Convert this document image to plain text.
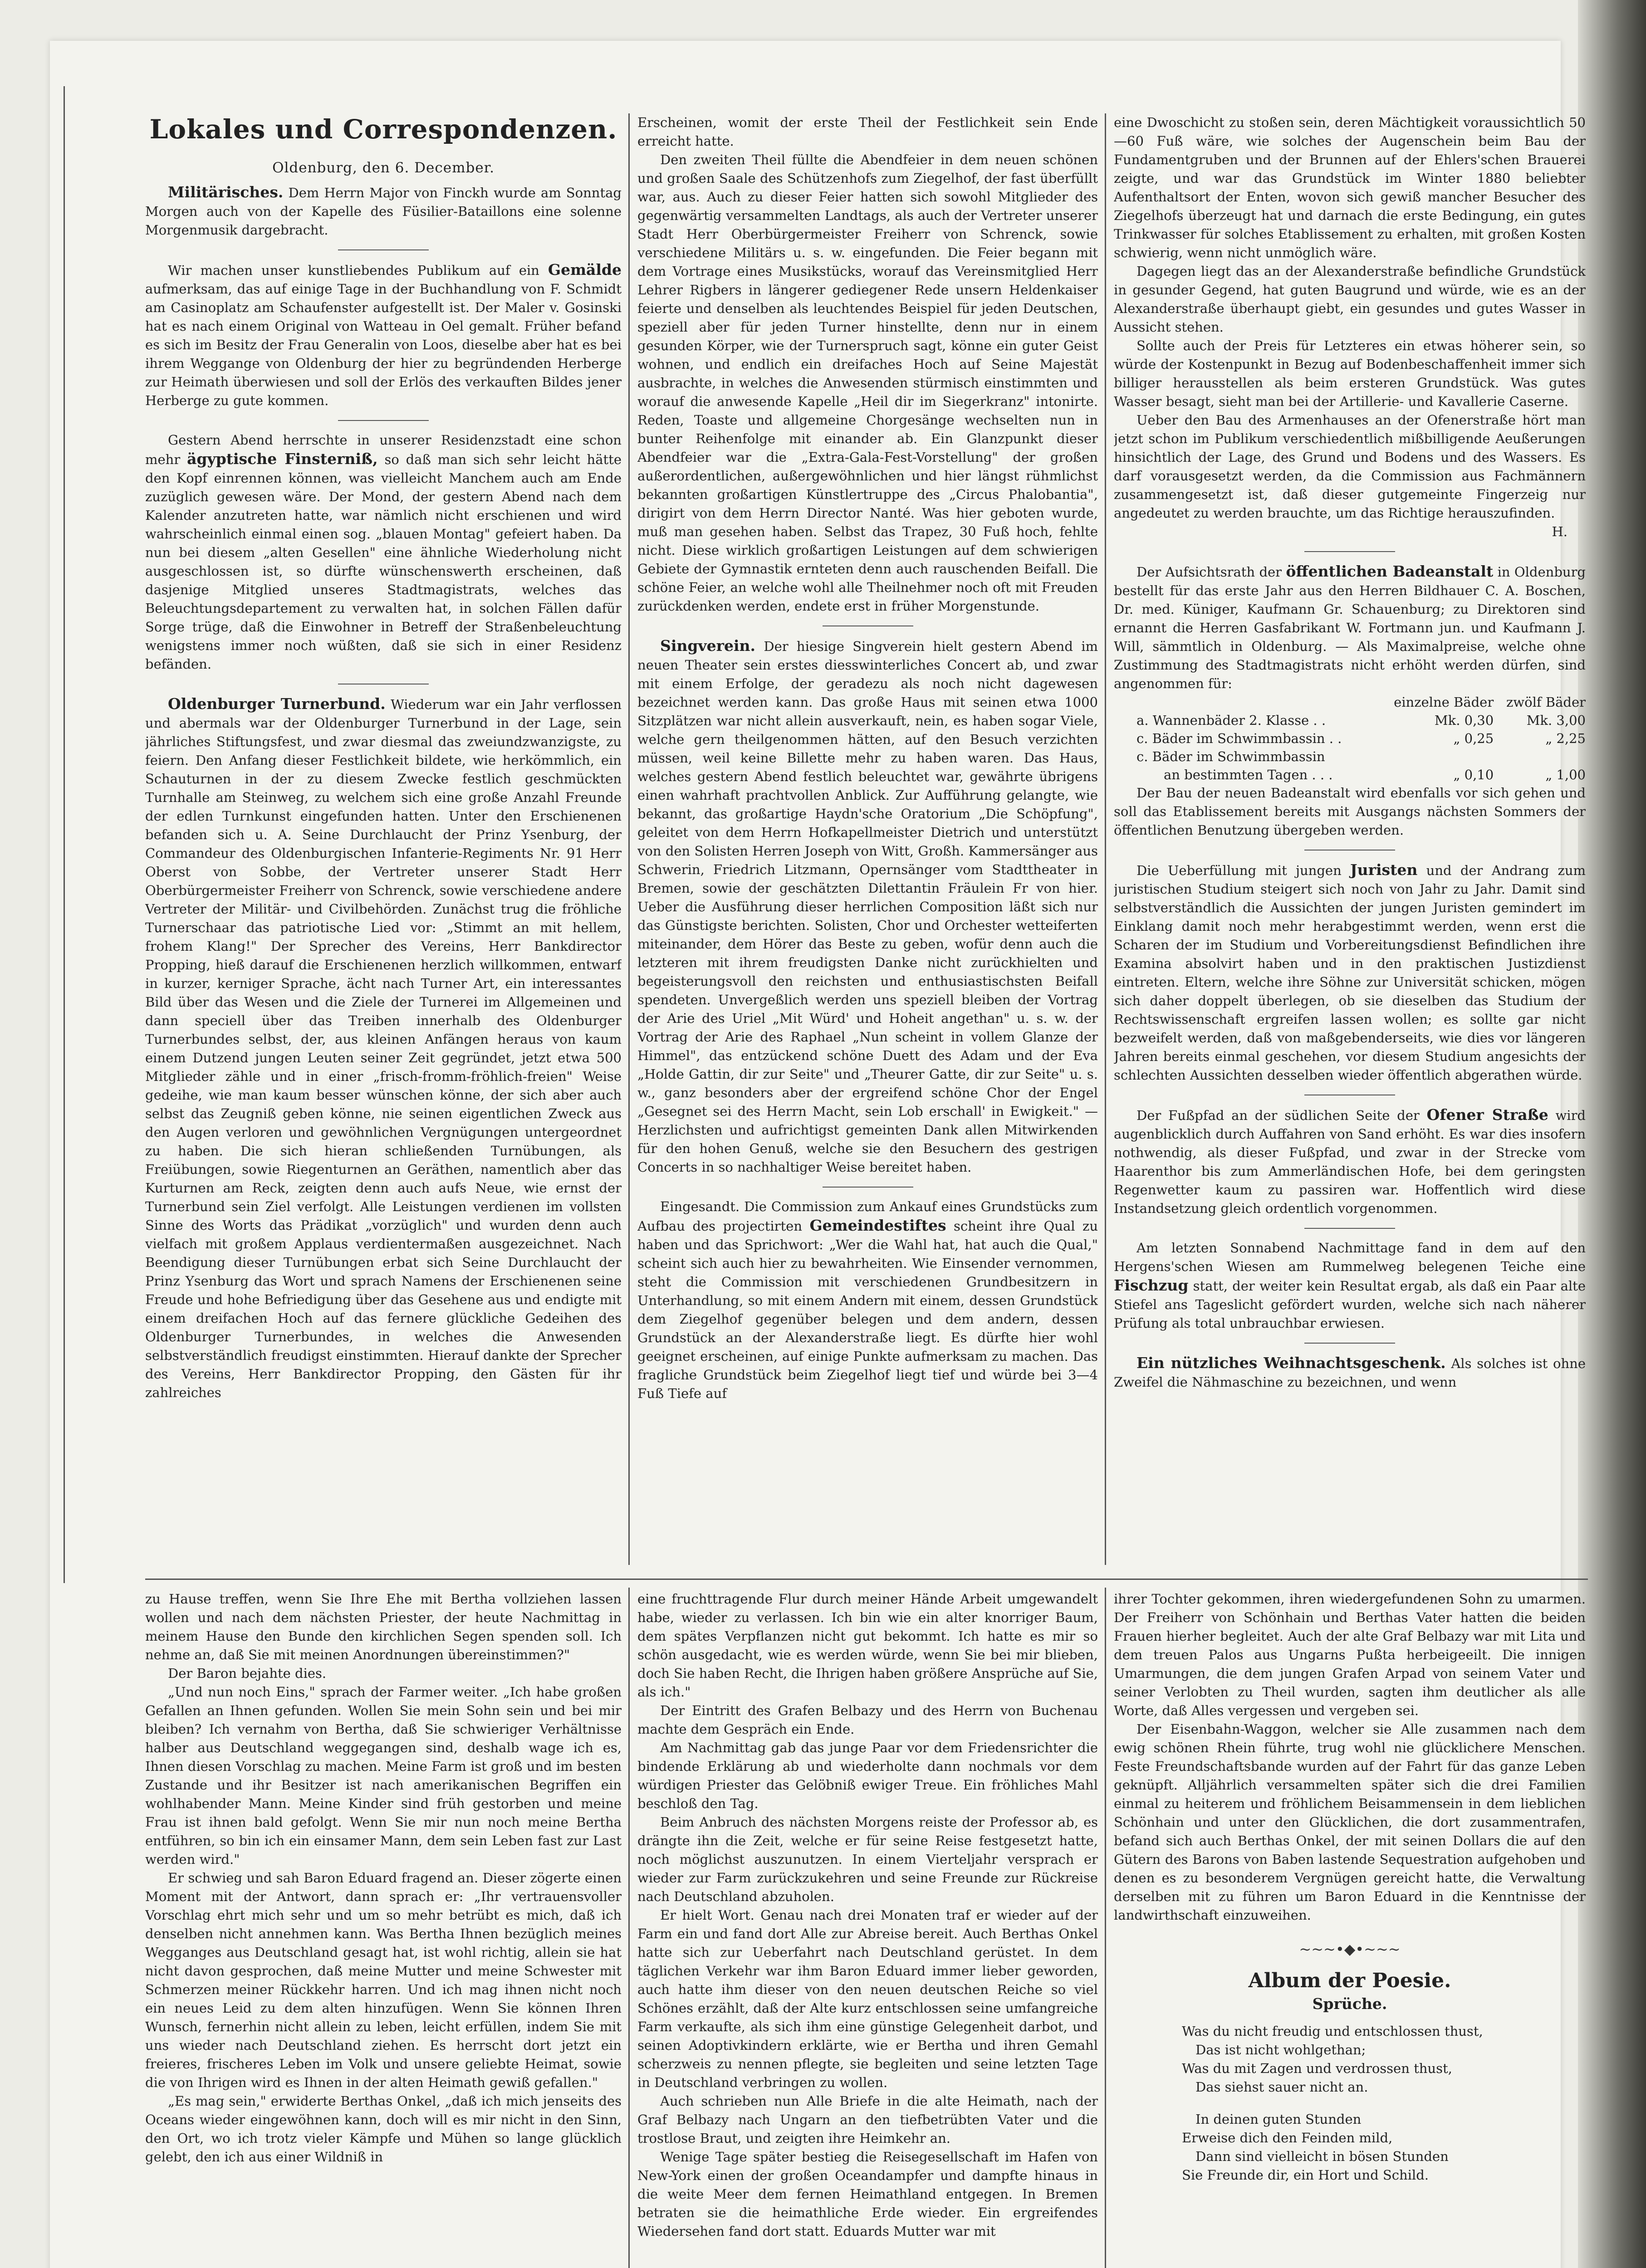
Lokales und Correspondenzen.
Oldenburg, den 6. December.

Militärisches. Dem Herrn Major von Finckh wurde am Sonntag Morgen auch von der Kapelle des Füsilier-Bataillons eine solenne Morgenmusik dargebracht.

Wir machen unser kunstliebendes Publikum auf ein Gemälde aufmerksam, das auf einige Tage in der Buchhandlung von F. Schmidt am Casinoplatz am Schaufenster aufgestellt ist. Der Maler v. Gosinski hat es nach einem Original von Watteau in Oel gemalt. Früher befand es sich im Besitz der Frau Generalin von Loos, dieselbe aber hat es bei ihrem Weggange von Oldenburg der hier zu begründenden Herberge zur Heimath überwiesen und soll der Erlös des verkauften Bildes jener Herberge zu gute kommen.

Gestern Abend herrschte in unserer Residenzstadt eine schon mehr ägyptische Finsterniß, so daß man sich sehr leicht hätte den Kopf einrennen können, was vielleicht Manchem auch am Ende zuzüglich gewesen wäre. Der Mond, der gestern Abend nach dem Kalender anzutreten hatte, war nämlich nicht erschienen und wird wahrscheinlich einmal einen sog. „blauen Montag" gefeiert haben. Da nun bei diesem „alten Gesellen" eine ähnliche Wiederholung nicht ausgeschlossen ist, so dürfte wünschenswerth erscheinen, daß dasjenige Mitglied unseres Stadtmagistrats, welches das Beleuchtungsdepartement zu verwalten hat, in solchen Fällen dafür Sorge trüge, daß die Einwohner in Betreff der Straßenbeleuchtung wenigstens immer noch wüßten, daß sie sich in einer Residenz befänden.

Oldenburger Turnerbund. Wiederum war ein Jahr verflossen und abermals war der Oldenburger Turnerbund in der Lage, sein jährliches Stiftungsfest, und zwar diesmal das zweiundzwanzigste, zu feiern. Den Anfang dieser Festlichkeit bildete, wie herkömmlich, ein Schauturnen in der zu diesem Zwecke festlich geschmückten Turnhalle am Steinweg, zu welchem sich eine große Anzahl Freunde der edlen Turnkunst eingefunden hatten. Unter den Erschienenen befanden sich u. A. Seine Durchlaucht der Prinz Ysenburg, der Commandeur des Oldenburgischen Infanterie-Regiments Nr. 91 Herr Oberst von Sobbe, der Vertreter unserer Stadt Herr Oberbürgermeister Freiherr von Schrenck, sowie verschiedene andere Vertreter der Militär- und Civilbehörden. Zunächst trug die fröhliche Turnerschaar das patriotische Lied vor: „Stimmt an mit hellem, frohem Klang!" Der Sprecher des Vereins, Herr Bankdirector Propping, hieß darauf die Erschienenen herzlich willkommen, entwarf in kurzer, kerniger Sprache, ächt nach Turner Art, ein interessantes Bild über das Wesen und die Ziele der Turnerei im Allgemeinen und dann speciell über das Treiben innerhalb des Oldenburger Turnerbundes selbst, der, aus kleinen Anfängen heraus von kaum einem Dutzend jungen Leuten seiner Zeit gegründet, jetzt etwa 500 Mitglieder zähle und in einer „frisch-fromm-fröhlich-freien" Weise gedeihe, wie man kaum besser wünschen könne, der sich aber auch selbst das Zeugniß geben könne, nie seinen eigentlichen Zweck aus den Augen verloren und gewöhnlichen Vergnügungen untergeordnet zu haben. Die sich hieran schließenden Turnübungen, als Freiübungen, sowie Riegenturnen an Geräthen, namentlich aber das Kurturnen am Reck, zeigten denn auch aufs Neue, wie ernst der Turnerbund sein Ziel verfolgt. Alle Leistungen verdienen im vollsten Sinne des Worts das Prädikat „vorzüglich" und wurden denn auch vielfach mit großem Applaus verdientermaßen ausgezeichnet. Nach Beendigung dieser Turnübungen erbat sich Seine Durchlaucht der Prinz Ysenburg das Wort und sprach Namens der Erschienenen seine Freude und hohe Befriedigung über das Gesehene aus und endigte mit einem dreifachen Hoch auf das fernere glückliche Gedeihen des Oldenburger Turnerbundes, in welches die Anwesenden selbstverständlich freudigst einstimmten. Hierauf dankte der Sprecher des Vereins, Herr Bankdirector Propping, den Gästen für ihr zahlreiches

Erscheinen, womit der erste Theil der Festlichkeit sein Ende erreicht hatte.

Den zweiten Theil füllte die Abendfeier in dem neuen schönen und großen Saale des Schützenhofs zum Ziegelhof, der fast überfüllt war, aus. Auch zu dieser Feier hatten sich sowohl Mitglieder des gegenwärtig versammelten Landtags, als auch der Vertreter unserer Stadt Herr Oberbürgermeister Freiherr von Schrenck, sowie verschiedene Militärs u. s. w. eingefunden. Die Feier begann mit dem Vortrage eines Musikstücks, worauf das Vereinsmitglied Herr Lehrer Rigbers in längerer gediegener Rede unsern Heldenkaiser feierte und denselben als leuchtendes Beispiel für jeden Deutschen, speziell aber für jeden Turner hinstellte, denn nur in einem gesunden Körper, wie der Turnerspruch sagt, könne ein guter Geist wohnen, und endlich ein dreifaches Hoch auf Seine Majestät ausbrachte, in welches die Anwesenden stürmisch einstimmten und worauf die anwesende Kapelle „Heil dir im Siegerkranz" intonirte. Reden, Toaste und allgemeine Chorgesänge wechselten nun in bunter Reihenfolge mit einander ab. Ein Glanzpunkt dieser Abendfeier war die „Extra-Gala-Fest-Vorstellung" der großen außerordentlichen, außergewöhnlichen und hier längst rühmlichst bekannten großartigen Künstlertruppe des „Circus Phalobantia", dirigirt von dem Herrn Director Nanté. Was hier geboten wurde, muß man gesehen haben. Selbst das Trapez, 30 Fuß hoch, fehlte nicht. Diese wirklich großartigen Leistungen auf dem schwierigen Gebiete der Gymnastik ernteten denn auch rauschenden Beifall. Die schöne Feier, an welche wohl alle Theilnehmer noch oft mit Freuden zurückdenken werden, endete erst in früher Morgenstunde.

Singverein. Der hiesige Singverein hielt gestern Abend im neuen Theater sein erstes diesswinterliches Concert ab, und zwar mit einem Erfolge, der geradezu als noch nicht dagewesen bezeichnet werden kann. Das große Haus mit seinen etwa 1000 Sitzplätzen war nicht allein ausverkauft, nein, es haben sogar Viele, welche gern theilgenommen hätten, auf den Besuch verzichten müssen, weil keine Billette mehr zu haben waren. Das Haus, welches gestern Abend festlich beleuchtet war, gewährte übrigens einen wahrhaft prachtvollen Anblick. Zur Aufführung gelangte, wie bekannt, das großartige Haydn'sche Oratorium „Die Schöpfung", geleitet von dem Herrn Hofkapellmeister Dietrich und unterstützt von den Solisten Herren Joseph von Witt, Großh. Kammersänger aus Schwerin, Friedrich Litzmann, Opernsänger vom Stadttheater in Bremen, sowie der geschätzten Dilettantin Fräulein Fr von hier. Ueber die Ausführung dieser herrlichen Composition läßt sich nur das Günstigste berichten. Solisten, Chor und Orchester wetteiferten miteinander, dem Hörer das Beste zu geben, wofür denn auch die letzteren mit ihrem freudigsten Danke nicht zurückhielten und begeisterungsvoll den reichsten und enthusiastischsten Beifall spendeten. Unvergeßlich werden uns speziell bleiben der Vortrag der Arie des Uriel „Mit Würd' und Hoheit angethan" u. s. w. der Vortrag der Arie des Raphael „Nun scheint in vollem Glanze der Himmel", das entzückend schöne Duett des Adam und der Eva „Holde Gattin, dir zur Seite" und „Theurer Gatte, dir zur Seite" u. s. w., ganz besonders aber der ergreifend schöne Chor der Engel „Gesegnet sei des Herrn Macht, sein Lob erschall' in Ewigkeit." — Herzlichsten und aufrichtigst gemeinten Dank allen Mitwirkenden für den hohen Genuß, welche sie den Besuchern des gestrigen Concerts in so nachhaltiger Weise bereitet haben.

Eingesandt. Die Commission zum Ankauf eines Grundstücks zum Aufbau des projectirten Gemeindestiftes scheint ihre Qual zu haben und das Sprichwort: „Wer die Wahl hat, hat auch die Qual," scheint sich auch hier zu bewahrheiten. Wie Einsender vernommen, steht die Commission mit verschiedenen Grundbesitzern in Unterhandlung, so mit einem Andern mit einem, dessen Grundstück dem Ziegelhof gegenüber belegen und dem andern, dessen Grundstück an der Alexanderstraße liegt. Es dürfte hier wohl geeignet erscheinen, auf einige Punkte aufmerksam zu machen. Das fragliche Grundstück beim Ziegelhof liegt tief und würde bei 3—4 Fuß Tiefe auf

eine Dwoschicht zu stoßen sein, deren Mächtigkeit voraussichtlich 50—60 Fuß wäre, wie solches der Augenschein beim Bau der Fundamentgruben und der Brunnen auf der Ehlers'schen Brauerei zeigte, und war das Grundstück im Winter 1880 beliebter Aufenthaltsort der Enten, wovon sich gewiß mancher Besucher des Ziegelhofs überzeugt hat und darnach die erste Bedingung, ein gutes Trinkwasser für solches Etablissement zu erhalten, mit großen Kosten schwierig, wenn nicht unmöglich wäre.

Dagegen liegt das an der Alexanderstraße befindliche Grundstück in gesunder Gegend, hat guten Baugrund und würde, wie es an der Alexanderstraße überhaupt giebt, ein gesundes und gutes Wasser in Aussicht stehen.

Sollte auch der Preis für Letzteres ein etwas höherer sein, so würde der Kostenpunkt in Bezug auf Bodenbeschaffenheit immer sich billiger herausstellen als beim ersteren Grundstück. Was gutes Wasser besagt, sieht man bei der Artillerie- und Kavallerie Caserne.

Ueber den Bau des Armenhauses an der Ofenerstraße hört man jetzt schon im Publikum verschiedentlich mißbilligende Aeußerungen hinsichtlich der Lage, des Grund und Bodens und des Wassers. Es darf vorausgesetzt werden, da die Commission aus Fachmännern zusammengesetzt ist, daß dieser gutgemeinte Fingerzeig nur angedeutet zu werden brauchte, um das Richtige herauszufinden.

H.

Der Aufsichtsrath der öffentlichen Badeanstalt in Oldenburg bestellt für das erste Jahr aus den Herren Bildhauer C. A. Boschen, Dr. med. Küniger, Kaufmann Gr. Schauenburg; zu Direktoren sind ernannt die Herren Gasfabrikant W. Fortmann jun. und Kaufmann J. Will, sämmtlich in Oldenburg. — Als Maximalpreise, welche ohne Zustimmung des Stadtmagistrats nicht erhöht werden dürfen, sind angenommen für:

	einzelne Bäder	zwölf Bäder
a. Wannenbäder 2. Klasse . .	Mk. 0,30	Mk. 3,00
c. Bäder im Schwimmbassin . .	„ 0,25	„ 2,25
c. Bäder im Schwimmbassin		
an bestimmten Tagen . . .	„ 0,10	„ 1,00

Der Bau der neuen Badeanstalt wird ebenfalls vor sich gehen und soll das Etablissement bereits mit Ausgangs nächsten Sommers der öffentlichen Benutzung übergeben werden.

Die Ueberfüllung mit jungen Juristen und der Andrang zum juristischen Studium steigert sich noch von Jahr zu Jahr. Damit sind selbstverständlich die Aussichten der jungen Juristen gemindert im Einklang damit noch mehr herabgestimmt werden, wenn erst die Scharen der im Studium und Vorbereitungsdienst Befindlichen ihre Examina absolvirt haben und in den praktischen Justizdienst eintreten. Eltern, welche ihre Söhne zur Universität schicken, mögen sich daher doppelt überlegen, ob sie dieselben das Studium der Rechtswissenschaft ergreifen lassen wollen; es sollte gar nicht bezweifelt werden, daß von maßgebenderseits, wie dies vor längeren Jahren bereits einmal geschehen, vor diesem Studium angesichts der schlechten Aussichten desselben wieder öffentlich abgerathen würde.

Der Fußpfad an der südlichen Seite der Ofener Straße wird augenblicklich durch Auffahren von Sand erhöht. Es war dies insofern nothwendig, als dieser Fußpfad, und zwar in der Strecke vom Haarenthor bis zum Ammerländischen Hofe, bei dem geringsten Regenwetter kaum zu passiren war. Hoffentlich wird diese Instandsetzung gleich ordentlich vorgenommen.

Am letzten Sonnabend Nachmittage fand in dem auf den Hergens'schen Wiesen am Rummelweg belegenen Teiche eine Fischzug statt, der weiter kein Resultat ergab, als daß ein Paar alte Stiefel ans Tageslicht gefördert wurden, welche sich nach näherer Prüfung als total unbrauchbar erwiesen.

Ein nützliches Weihnachtsgeschenk. Als solches ist ohne Zweifel die Nähmaschine zu bezeichnen, und wenn

zu Hause treffen, wenn Sie Ihre Ehe mit Bertha vollziehen lassen wollen und nach dem nächsten Priester, der heute Nachmittag in meinem Hause den Bunde den kirchlichen Segen spenden soll. Ich nehme an, daß Sie mit meinen Anordnungen übereinstimmen?"

Der Baron bejahte dies.

„Und nun noch Eins," sprach der Farmer weiter. „Ich habe großen Gefallen an Ihnen gefunden. Wollen Sie mein Sohn sein und bei mir bleiben? Ich vernahm von Bertha, daß Sie schwieriger Verhältnisse halber aus Deutschland weggegangen sind, deshalb wage ich es, Ihnen diesen Vorschlag zu machen. Meine Farm ist groß und im besten Zustande und ihr Besitzer ist nach amerikanischen Begriffen ein wohlhabender Mann. Meine Kinder sind früh gestorben und meine Frau ist ihnen bald gefolgt. Wenn Sie mir nun noch meine Bertha entführen, so bin ich ein einsamer Mann, dem sein Leben fast zur Last werden wird."

Er schwieg und sah Baron Eduard fragend an. Dieser zögerte einen Moment mit der Antwort, dann sprach er: „Ihr vertrauensvoller Vorschlag ehrt mich sehr und um so mehr betrübt es mich, daß ich denselben nicht annehmen kann. Was Bertha Ihnen bezüglich meines Wegganges aus Deutschland gesagt hat, ist wohl richtig, allein sie hat nicht davon gesprochen, daß meine Mutter und meine Schwester mit Schmerzen meiner Rückkehr harren. Und ich mag ihnen nicht noch ein neues Leid zu dem alten hinzufügen. Wenn Sie können Ihren Wunsch, fernerhin nicht allein zu leben, leicht erfüllen, indem Sie mit uns wieder nach Deutschland ziehen. Es herrscht dort jetzt ein freieres, frischeres Leben im Volk und unsere geliebte Heimat, sowie die von Ihrigen wird es Ihnen in der alten Heimath gewiß gefallen."

„Es mag sein," erwiderte Berthas Onkel, „daß ich mich jenseits des Oceans wieder eingewöhnen kann, doch will es mir nicht in den Sinn, den Ort, wo ich trotz vieler Kämpfe und Mühen so lange glücklich gelebt, den ich aus einer Wildniß in

eine fruchttragende Flur durch meiner Hände Arbeit umgewandelt habe, wieder zu verlassen. Ich bin wie ein alter knorriger Baum, dem spätes Verpflanzen nicht gut bekommt. Ich hatte es mir so schön ausgedacht, wie es werden würde, wenn Sie bei mir blieben, doch Sie haben Recht, die Ihrigen haben größere Ansprüche auf Sie, als ich."

Der Eintritt des Grafen Belbazy und des Herrn von Buchenau machte dem Gespräch ein Ende.

Am Nachmittag gab das junge Paar vor dem Friedensrichter die bindende Erklärung ab und wiederholte dann nochmals vor dem würdigen Priester das Gelöbniß ewiger Treue. Ein fröhliches Mahl beschloß den Tag.

Beim Anbruch des nächsten Morgens reiste der Professor ab, es drängte ihn die Zeit, welche er für seine Reise festgesetzt hatte, noch möglichst auszunutzen. In einem Vierteljahr versprach er wieder zur Farm zurückzukehren und seine Freunde zur Rückreise nach Deutschland abzuholen.

Er hielt Wort. Genau nach drei Monaten traf er wieder auf der Farm ein und fand dort Alle zur Abreise bereit. Auch Berthas Onkel hatte sich zur Ueberfahrt nach Deutschland gerüstet. In dem täglichen Verkehr war ihm Baron Eduard immer lieber geworden, auch hatte ihm dieser von den neuen deutschen Reiche so viel Schönes erzählt, daß der Alte kurz entschlossen seine umfangreiche Farm verkaufte, als sich ihm eine günstige Gelegenheit darbot, und seinen Adoptivkindern erklärte, wie er Bertha und ihren Gemahl scherzweis zu nennen pflegte, sie begleiten und seine letzten Tage in Deutschland verbringen zu wollen.

Auch schrieben nun Alle Briefe in die alte Heimath, nach der Graf Belbazy nach Ungarn an den tiefbetrübten Vater und die trostlose Braut, und zeigten ihre Heimkehr an.

Wenige Tage später bestieg die Reisegesellschaft im Hafen von New-York einen der großen Oceandampfer und dampfte hinaus in die weite Meer dem fernen Heimathland entgegen. In Bremen betraten sie die heimathliche Erde wieder. Ein ergreifendes Wiedersehen fand dort statt. Eduards Mutter war mit

ihrer Tochter gekommen, ihren wiedergefundenen Sohn zu umarmen. Der Freiherr von Schönhain und Berthas Vater hatten die beiden Frauen hierher begleitet. Auch der alte Graf Belbazy war mit Lita und dem treuen Palos aus Ungarns Pußta herbeigeeilt. Die innigen Umarmungen, die dem jungen Grafen Arpad von seinem Vater und seiner Verlobten zu Theil wurden, sagten ihm deutlicher als alle Worte, daß Alles vergessen und vergeben sei.

Der Eisenbahn-Waggon, welcher sie Alle zusammen nach dem ewig schönen Rhein führte, trug wohl nie glücklichere Menschen. Feste Freundschaftsbande wurden auf der Fahrt für das ganze Leben geknüpft. Alljährlich versammelten später sich die drei Familien einmal zu heiterem und fröhlichem Beisammensein in dem lieblichen Schönhain und unter den Glücklichen, die dort zusammentrafen, befand sich auch Berthas Onkel, der mit seinen Dollars die auf den Gütern des Barons von Baben lastende Sequestration aufgehoben und denen es zu besonderem Vergnügen gereicht hatte, die Verwaltung derselben mit zu führen um Baron Eduard in die Kenntnisse der landwirthschaft einzuweihen.

~~~•◆•~~~
Album der Poesie.
Sprüche.
Was du nicht freudig und entschlossen thust,
Das ist nicht wohlgethan;
Was du mit Zagen und verdrossen thust,
Das siehst sauer nicht an.
In deinen guten Stunden
Erweise dich den Feinden mild,
Dann sind vielleicht in bösen Stunden
Sie Freunde dir, ein Hort und Schild.
